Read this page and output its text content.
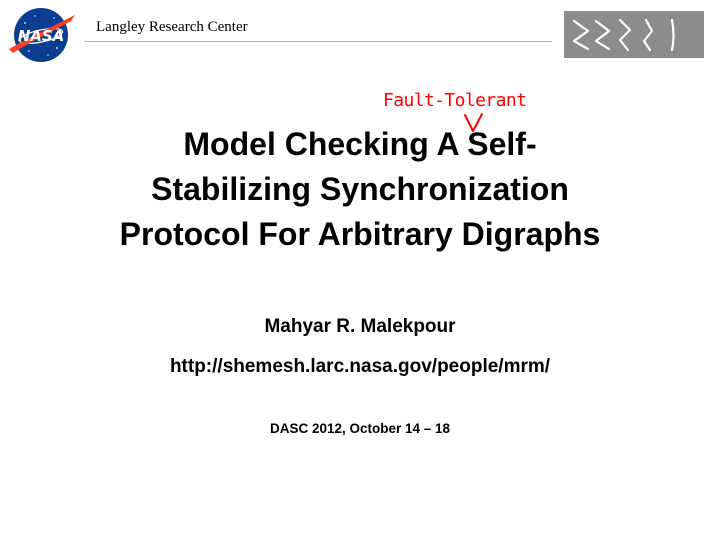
NASA Langley Research Center
Fault-Tolerant
Model Checking A Self-
Stabilizing Synchronization
Protocol For Arbitrary Digraphs
Mahyar R. Malekpour
http://shemesh.larc.nasa.gov/people/mrm/
DASC 2012, October 14 – 18
